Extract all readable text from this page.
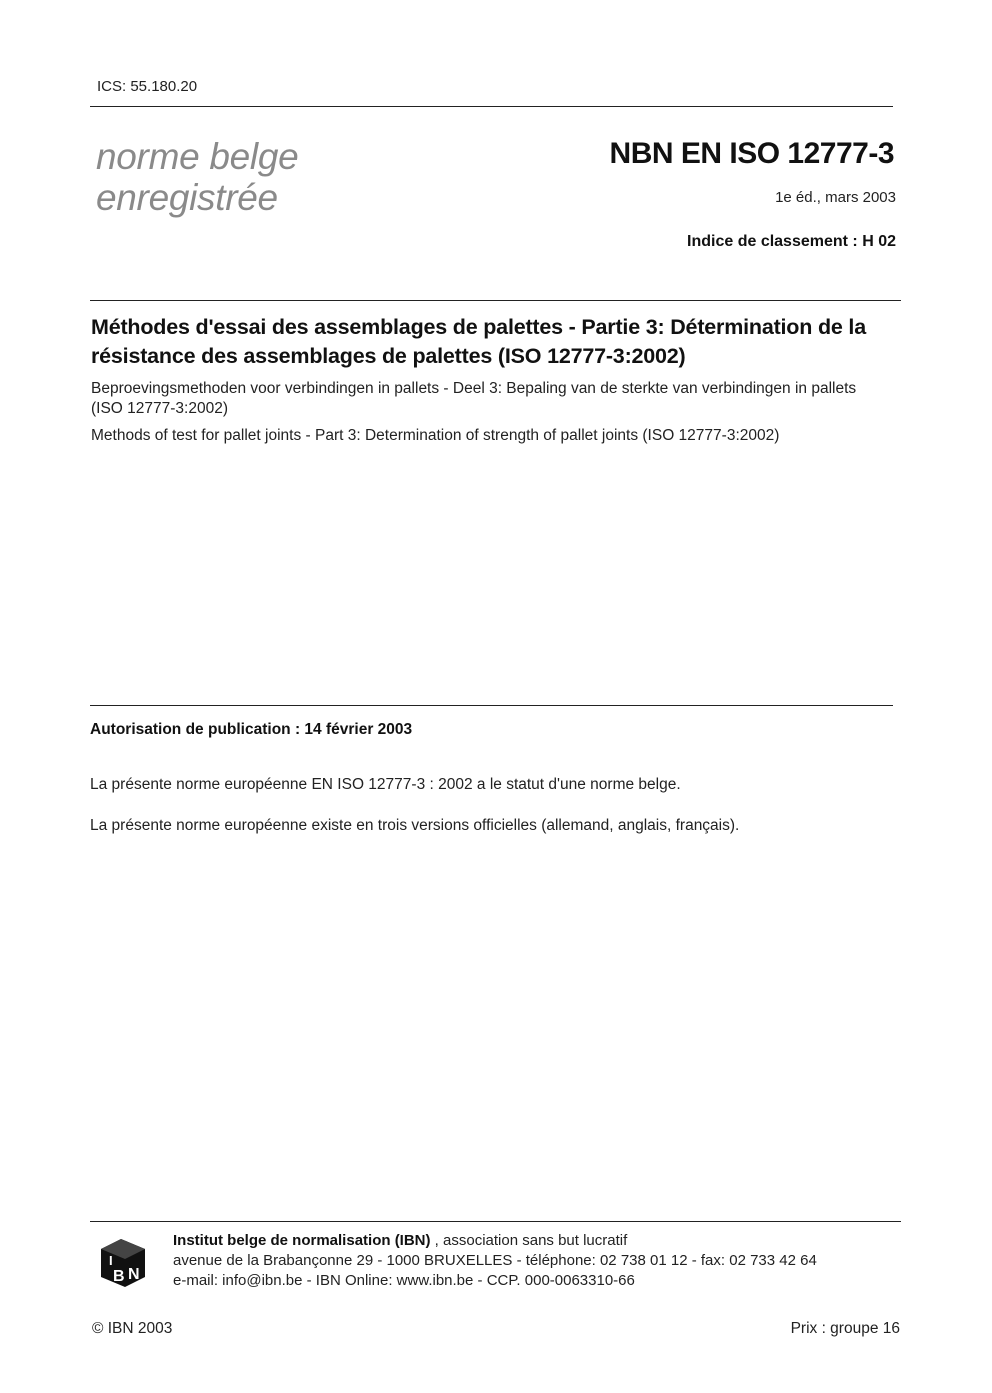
ICS: 55.180.20
norme belge
enregistrée
NBN EN ISO 12777-3
1e éd., mars 2003
Indice de classement : H 02
Méthodes d'essai des assemblages de palettes - Partie 3: Détermination de la résistance des assemblages de palettes (ISO 12777-3:2002)
Beproevingsmethoden voor verbindingen in pallets - Deel 3: Bepaling van de sterkte van verbindingen in pallets (ISO 12777-3:2002)
Methods of test for pallet joints - Part 3: Determination of strength of pallet joints (ISO 12777-3:2002)
Autorisation de publication : 14 février 2003
La présente norme européenne EN ISO 12777-3 : 2002 a le statut d'une norme belge.
La présente norme européenne existe en trois versions officielles (allemand, anglais, français).
I
B N
Institut belge de normalisation (IBN) , association sans but lucratif
avenue de la Brabançonne 29 - 1000 BRUXELLES - téléphone: 02 738 01 12 - fax: 02 733 42 64
e-mail: info@ibn.be - IBN Online: www.ibn.be - CCP. 000-0063310-66
© IBN 2003	Prix : groupe 16
